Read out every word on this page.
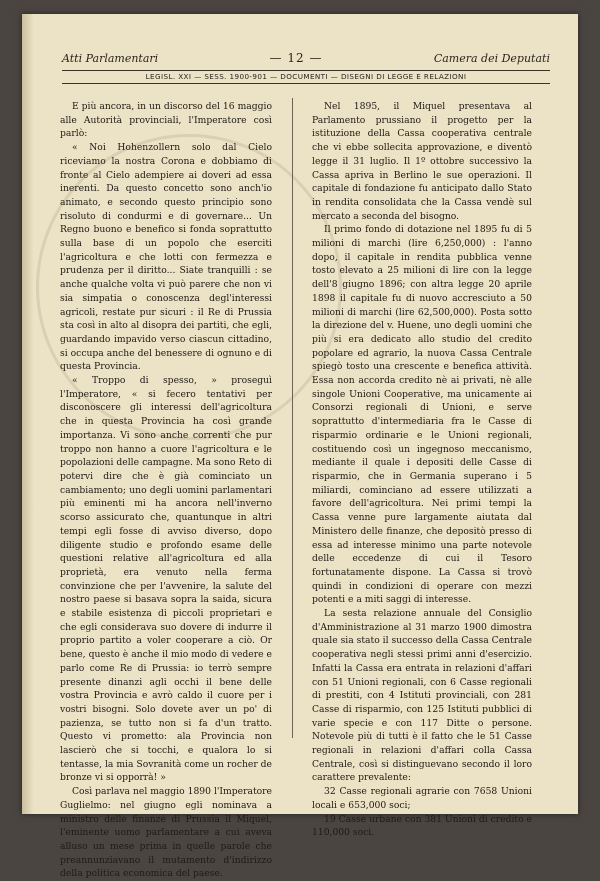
Atti Parlamentari	— 12 —	Camera dei Deputati
LEGISL. XXI — SESS. 1900-901 — DOCUMENTI — DISEGNI DI LEGGE E RELAZIONI

E più ancora, in un discorso del 16 maggio alle Autorità provinciali, l'Imperatore così parlò:

« Noi Hohenzollern solo dal Cielo riceviamo la nostra Corona e dobbiamo di fronte al Cielo adempiere ai doveri ad essa inerenti. Da questo concetto sono anch'io animato, e secondo questo principio sono risoluto di condurmi e di governare... Un Regno buono e benefico si fonda soprattutto sulla base di un popolo che eserciti l'agricoltura e che lotti con fermezza e prudenza per il diritto... Siate tranquilli : se anche qualche volta vi può parere che non vi sia simpatia o conoscenza degl'interessi agricoli, restate pur sicuri : il Re di Prussia sta così in alto al disopra dei partiti, che egli, guardando impavido verso ciascun cittadino, si occupa anche del benessere di ognuno e di questa Provincia.

« Troppo di spesso, » proseguì l'Imperatore, « si fecero tentativi per disconoscere gli interessi dell'agricoltura che in questa Provincia ha così grande importanza. Vi sono anche correnti che pur troppo non hanno a cuore l'agricoltura e le popolazioni delle campagne. Ma sono Reto di potervi dire che è già cominciato un cambiamento; uno degli uomini parlamentari più eminenti mi ha ancora nell'inverno scorso assicurato che, quantunque in altri tempi egli fosse di avviso diverso, dopo diligente studio e profondo esame delle questioni relative all'agricoltura ed alla proprietà, era venuto nella ferma convinzione che per l'avvenire, la salute del nostro paese si basava sopra la saida, sicura e stabile esistenza di piccoli proprietari e che egli considerava suo dovere di indurre il proprio partito a voler cooperare a ciò. Or bene, questo è anche il mio modo di vedere e parlo come Re di Prussia: io terrò sempre presente dinanzi agli occhi il bene delle vostra Provincia e avrò caldo il cuore per i vostri bisogni. Solo dovete aver un po' di pazienza, se tutto non si fa d'un tratto. Questo vi prometto: ala Provincia non lascierò che si tocchi, e qualora lo si tentasse, la mia Sovranità come un rocher de bronze vi si opporrà! »

Così parlava nel maggio 1890 l'Imperatore Guglielmo: nel giugno egli nominava a ministro delle finanze di Prussia il Miquel, l'eminente uomo parlamentare a cui aveva alluso un mese prima in quelle parole che preannunziavano il mutamento d'indirizzo della politica economica del paese.

Nel 1895, il Miquel presentava al Parlamento prussiano il progetto per la istituzione della Cassa cooperativa centrale che vi ebbe sollecita approvazione, e diventò legge il 31 luglio. Il 1º ottobre successivo la Cassa apriva in Berlino le sue operazioni. Il capitale di fondazione fu anticipato dallo Stato in rendita consolidata che la Cassa vendè sul mercato a seconda del bisogno.

Il primo fondo di dotazione nel 1895 fu di 5 milioni di marchi (lire 6,250,000) : l'anno dopo, il capitale in rendita pubblica venne tosto elevato a 25 milioni di lire con la legge dell'8 giugno 1896; con altra legge 20 aprile 1898 il capitale fu di nuovo accresciuto a 50 milioni di marchi (lire 62,500,000). Posta sotto la direzione del v. Huene, uno degli uomini che più si era dedicato allo studio del credito popolare ed agrario, la nuova Cassa Centrale spiegò tosto una crescente e benefica attività. Essa non accorda credito nè ai privati, nè alle singole Unioni Cooperative, ma unicamente ai Consorzi regionali di Unioni, e serve soprattutto d'intermediaria fra le Casse di risparmio ordinarie e le Unioni regionali, costituendo così un ingegnoso meccanismo, mediante il quale i depositi delle Casse di risparmio, che in Germania superano i 5 miliardi, cominciano ad essere utilizzati a favore dell'agricoltura. Nei primi tempi la Cassa venne pure largamente aiutata dal Ministero delle finanze, che depositò presso di essa ad interesse minimo una parte notevole delle eccedenze di cui il Tesoro fortunatamente dispone. La Cassa si trovò quindi in condizioni di operare con mezzi potenti e a miti saggi di interesse.

La sesta relazione annuale del Consiglio d'Amministrazione al 31 marzo 1900 dimostra quale sia stato il successo della Cassa Centrale cooperativa negli stessi primi anni d'esercizio. Infatti la Cassa era entrata in relazioni d'affari con 51 Unioni regionali, con 6 Casse regionali di prestiti, con 4 Istituti provinciali, con 281 Casse di risparmio, con 125 Istituti pubblici di varie specie e con 117 Ditte o persone. Notevole più di tutti è il fatto che le 51 Casse regionali in relazioni d'affari colla Cassa Centrale, così si distinguevano secondo il loro carattere prevalente:

32 Casse regionali agrarie con 7658 Unioni locali e 653,000 soci;

19 Casse urbane con 381 Unioni di credito e 110,000 soci.
